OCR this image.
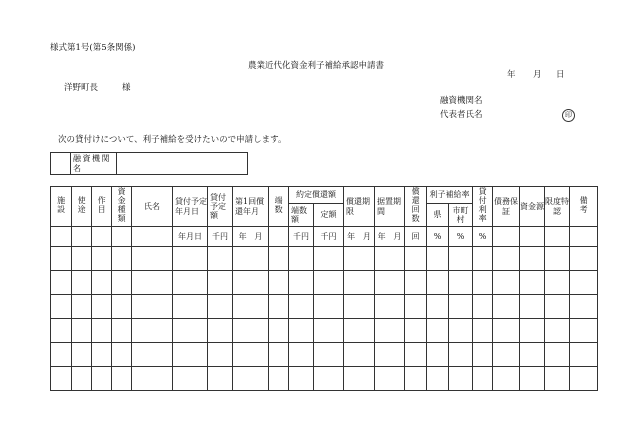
様式第1号(第5条関係)
農業近代化資金利子補給承認申請書
年 月 日
洋野町長	様
融資機関名
代表者氏名	印
次の貸付けについて、利子補給を受けたいので申請します。
	融資機関名	
施設	使途	作目	資金種類	氏名	貸付予定年月日	貸付予定額	第1回償還年月	端数	約定償還額		償還期限	据置期間	償還回数	利子補給率		貸付利率	債務保証	資金源	限度特認	備考
									端数額	定額				県	市町村					
					年月日	千円	年 月		千円	千円	年 月	年 月	回	%	%	%				
